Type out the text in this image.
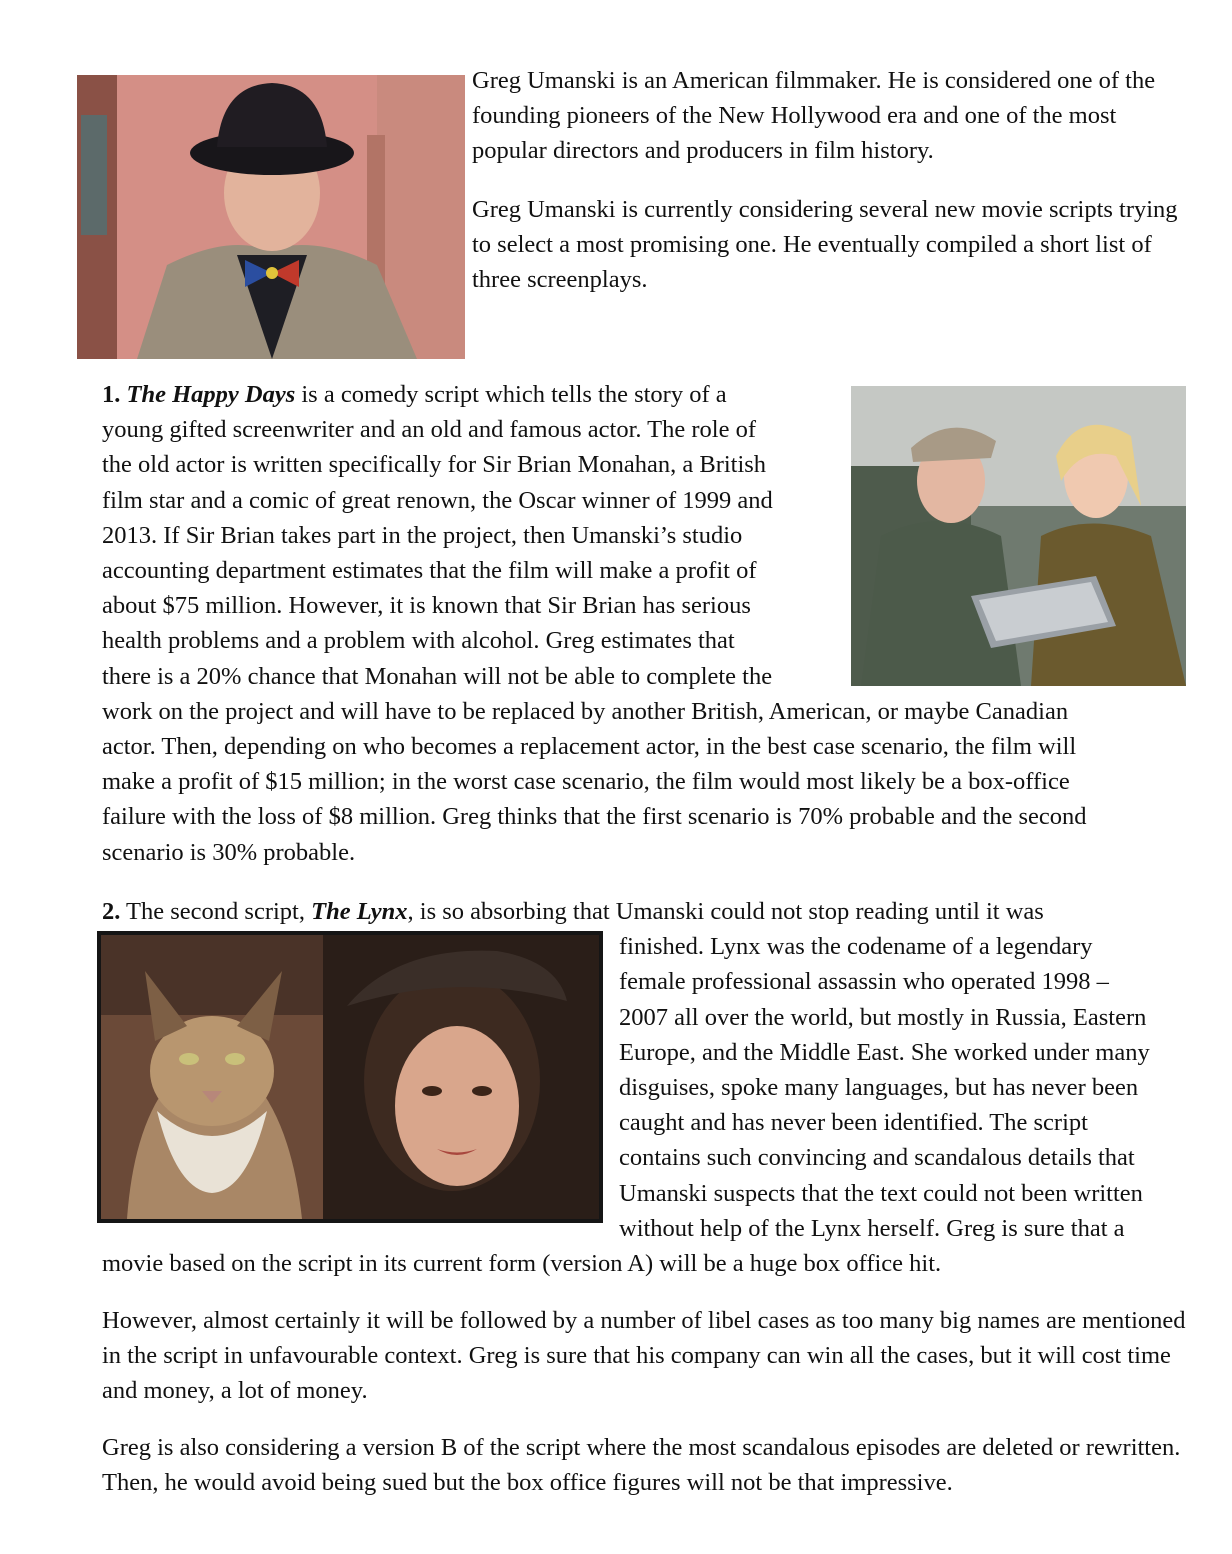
Greg Umanski is an American filmmaker. He is considered one of the founding pioneers of the New Hollywood era and one of the most popular directors and producers in film history.

Greg Umanski is currently considering several new movie scripts trying to select a most promising one. He eventually compiled a short list of three screenplays.

1. The Happy Days is a comedy script which tells the story of a
young gifted screenwriter and an old and famous actor. The role of
the old actor is written specifically for Sir Brian Monahan, a British
film star and a comic of great renown, the Oscar winner of 1999 and
2013. If Sir Brian takes part in the project, then Umanski’s studio
accounting department estimates that the film will make a profit of
about $75 million. However, it is known that Sir Brian has serious
health problems and a problem with alcohol. Greg estimates that
there is a 20% chance that Monahan will not be able to complete the
work on the project and will have to be replaced by another British, American, or maybe Canadian
actor. Then, depending on who becomes a replacement actor, in the best case scenario, the film will
make a profit of $15 million; in the worst case scenario, the film would most likely be a box-office
failure with the loss of $8 million. Greg thinks that the first scenario is 70% probable and the second
scenario is 30% probable.
2. The second script, The Lynx, is so absorbing that Umanski could not stop reading until it was
finished. Lynx was the codename of a legendary
female professional assassin who operated 1998 –
2007 all over the world, but mostly in Russia, Eastern
Europe, and the Middle East. She worked under many
disguises, spoke many languages, but has never been
caught and has never been identified. The script
contains such convincing and scandalous details that
Umanski suspects that the text could not been written
without help of the Lynx herself. Greg is sure that a
movie based on the script in its current form (version A) will be a huge box office hit.

However, almost certainly it will be followed by a number of libel cases as too many big names are mentioned in the script in unfavourable context. Greg is sure that his company can win all the cases, but it will cost time and money, a lot of money.

Greg is also considering a version B of the script where the most scandalous episodes are deleted or rewritten. Then, he would avoid being sued but the box office figures will not be that impressive.
